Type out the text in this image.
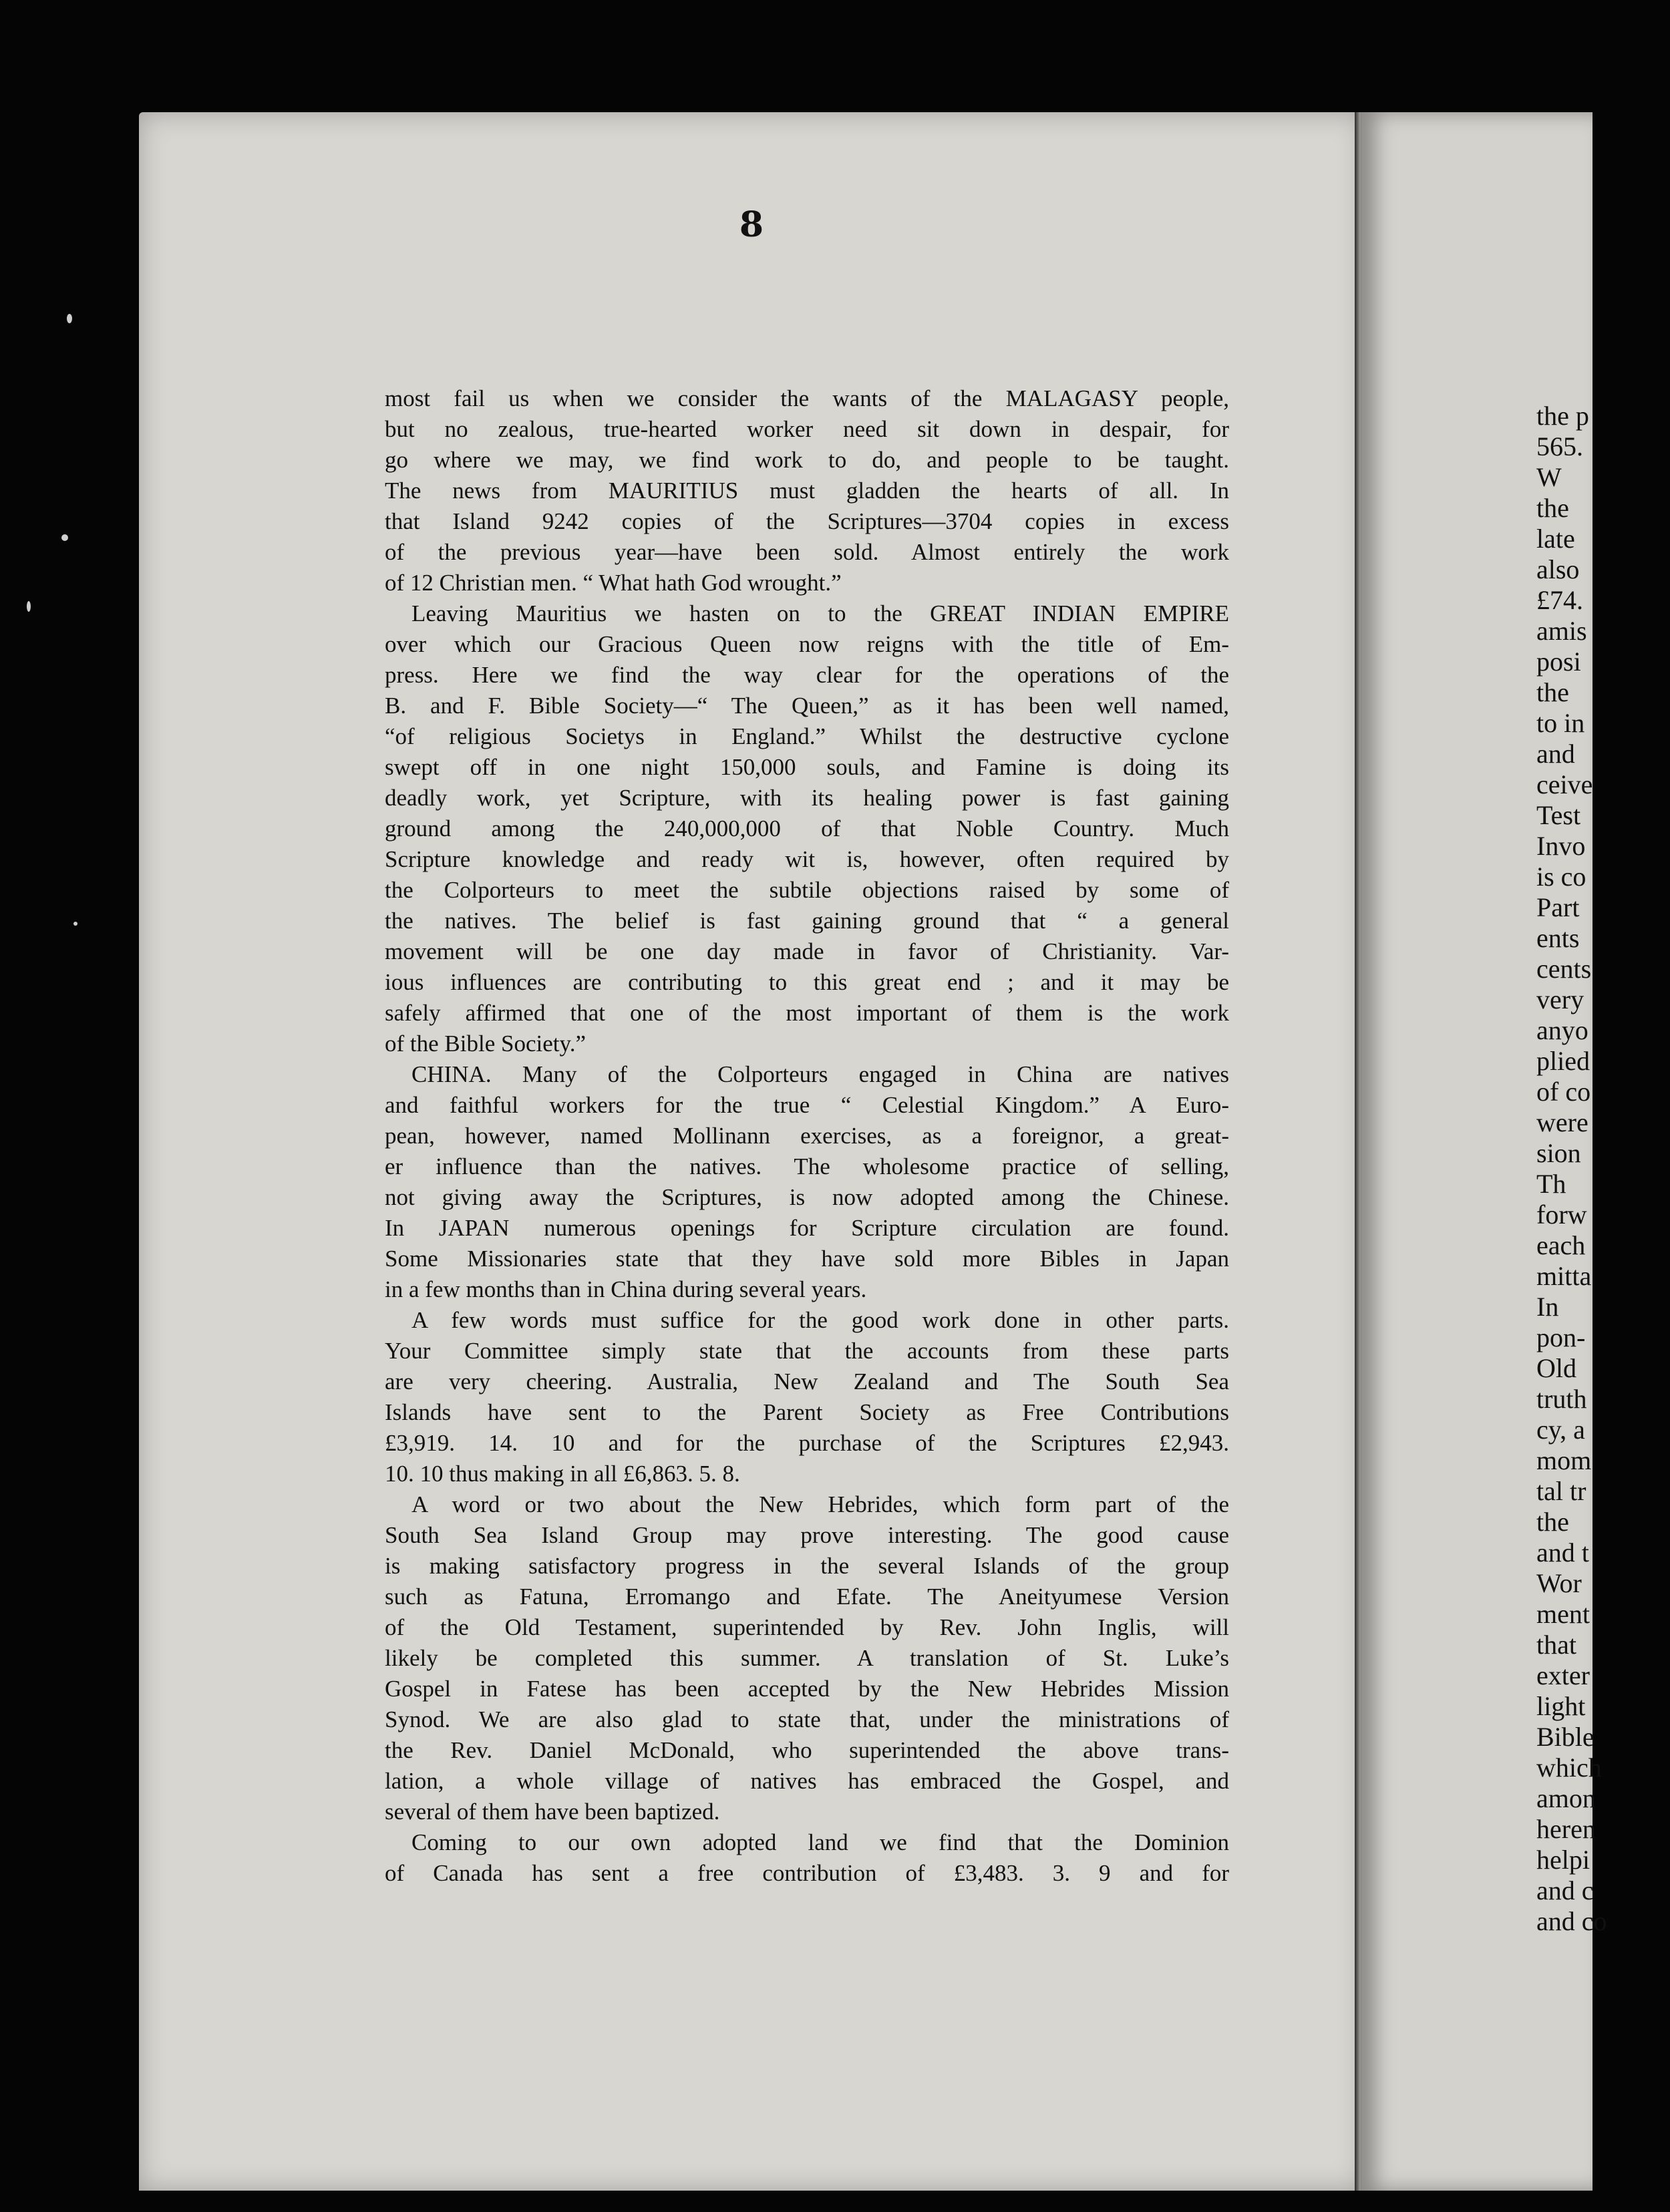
the p
565.
W
the
late
also
£74.
amis
posi
the
to in
and
ceive
Test
Invo
is co
Part
ents
cents
very
anyo
plied
of co
were
sion
Th
forw
each
mitta
In
pon-
Old
truth
cy, a
mom
tal tr
the
and t
Wor
ment
that
exter
light
Bible
which
amon
heren
helpi
and c
and co
8
most fail us when we consider the wants of the MALAGASY people,
but no zealous, true-hearted worker need sit down in despair, for
go where we may, we find work to do, and people to be taught.
The news from MAURITIUS must gladden the hearts of all. In
that Island 9242 copies of the Scriptures—3704 copies in excess
of the previous year—have been sold. Almost entirely the work
of 12 Christian men. “ What hath God wrought.”
Leaving Mauritius we hasten on to the GREAT INDIAN EMPIRE
over which our Gracious Queen now reigns with the title of Em-
press. Here we find the way clear for the operations of the
B. and F. Bible Society—“ The Queen,” as it has been well named,
“of religious Societys in England.” Whilst the destructive cyclone
swept off in one night 150,000 souls, and Famine is doing its
deadly work, yet Scripture, with its healing power is fast gaining
ground among the 240,000,000 of that Noble Country. Much
Scripture knowledge and ready wit is, however, often required by
the Colporteurs to meet the subtile objections raised by some of
the natives. The belief is fast gaining ground that “ a general
movement will be one day made in favor of Christianity. Var-
ious influences are contributing to this great end ; and it may be
safely affirmed that one of the most important of them is the work
of the Bible Society.”
CHINA. Many of the Colporteurs engaged in China are natives
and faithful workers for the true “ Celestial Kingdom.” A Euro-
pean, however, named Mollinann exercises, as a foreignor, a great-
er influence than the natives. The wholesome practice of selling,
not giving away the Scriptures, is now adopted among the Chinese.
In JAPAN numerous openings for Scripture circulation are found.
Some Missionaries state that they have sold more Bibles in Japan
in a few months than in China during several years.
A few words must suffice for the good work done in other parts.
Your Committee simply state that the accounts from these parts
are very cheering. Australia, New Zealand and The South Sea
Islands have sent to the Parent Society as Free Contributions
£3,919. 14. 10 and for the purchase of the Scriptures £2,943.
10. 10 thus making in all £6,863. 5. 8.
A word or two about the New Hebrides, which form part of the
South Sea Island Group may prove interesting. The good cause
is making satisfactory progress in the several Islands of the group
such as Fatuna, Erromango and Efate. The Aneityumese Version
of the Old Testament, superintended by Rev. John Inglis, will
likely be completed this summer. A translation of St. Luke’s
Gospel in Fatese has been accepted by the New Hebrides Mission
Synod. We are also glad to state that, under the ministrations of
the Rev. Daniel McDonald, who superintended the above trans-
lation, a whole village of natives has embraced the Gospel, and
several of them have been baptized.
Coming to our own adopted land we find that the Dominion
of Canada has sent a free contribution of £3,483. 3. 9 and for
